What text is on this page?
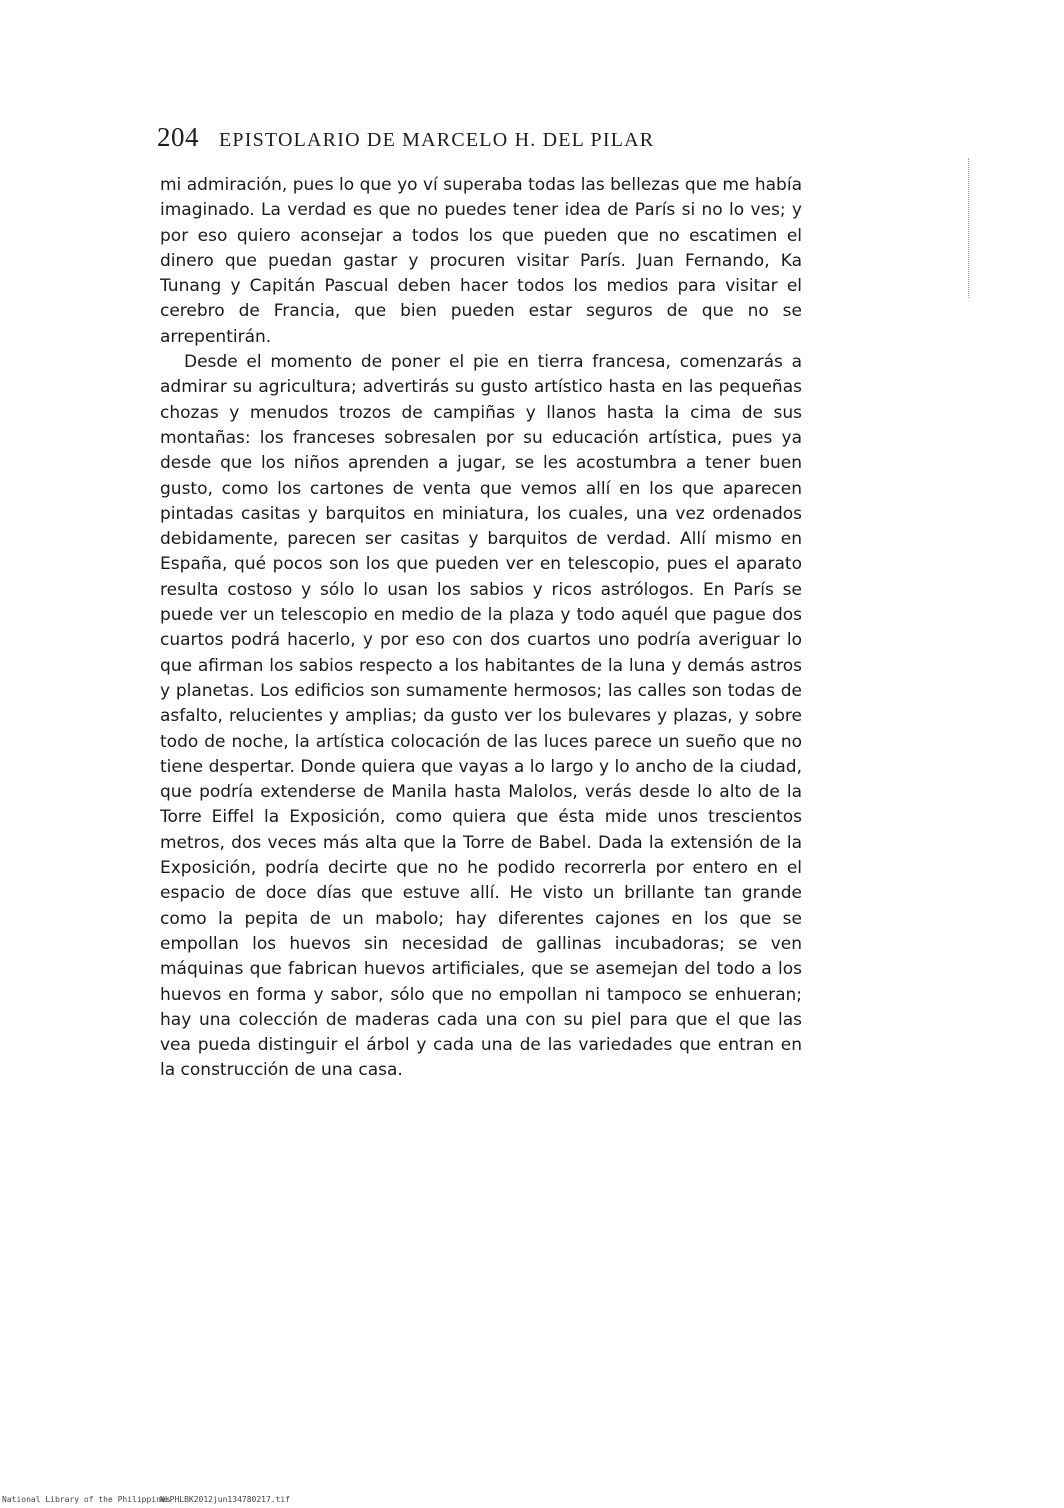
204 EPISTOLARIO DE MARCELO H. DEL PILAR

mi admiración, pues lo que yo ví superaba todas las bellezas que me había imaginado. La verdad es que no puedes tener idea de París si no lo ves; y por eso quiero aconsejar a todos los que pueden que no escatimen el dinero que puedan gastar y procuren visitar París. Juan Fernando, Ka Tunang y Capitán Pascual deben hacer todos los medios para visitar el cerebro de Francia, que bien pueden estar seguros de que no se arrepentirán.

Desde el momento de poner el pie en tierra francesa, comenzarás a admirar su agricultura; advertirás su gusto artístico hasta en las pequeñas chozas y menudos trozos de campiñas y llanos hasta la cima de sus montañas: los franceses sobresalen por su educación artística, pues ya desde que los niños aprenden a jugar, se les acostumbra a tener buen gusto, como los cartones de venta que vemos allí en los que aparecen pintadas casitas y barquitos en miniatura, los cuales, una vez ordenados debidamente, parecen ser casitas y barquitos de verdad. Allí mismo en España, qué pocos son los que pueden ver en telescopio, pues el aparato resulta costoso y sólo lo usan los sabios y ricos astrólogos. En París se puede ver un telescopio en medio de la plaza y todo aquél que pague dos cuartos podrá hacerlo, y por eso con dos cuartos uno podría averiguar lo que afirman los sabios respecto a los habitantes de la luna y demás astros y planetas. Los edificios son sumamente hermosos; las calles son todas de asfalto, relucientes y amplias; da gusto ver los bulevares y plazas, y sobre todo de noche, la artística colocación de las luces parece un sueño que no tiene despertar. Donde quiera que vayas a lo largo y lo ancho de la ciudad, que podría extenderse de Manila hasta Malolos, verás desde lo alto de la Torre Eiffel la Exposición, como quiera que ésta mide unos trescientos metros, dos veces más alta que la Torre de Babel. Dada la extensión de la Exposición, podría decirte que no he podido recorrerla por entero en el espacio de doce días que estuve allí. He visto un brillante tan grande como la pepita de un mabolo; hay diferentes cajones en los que se empollan los huevos sin necesidad de gallinas incubadoras; se ven máquinas que fabrican huevos artificiales, que se asemejan del todo a los huevos en forma y sabor, sólo que no empollan ni tampoco se enhueran; hay una colección de maderas cada una con su piel para que el que las vea pueda distinguir el árbol y cada una de las variedades que entran en la construcción de una casa.

National Library of the Philippines
NLPHLBK2012jun134780217.tif
